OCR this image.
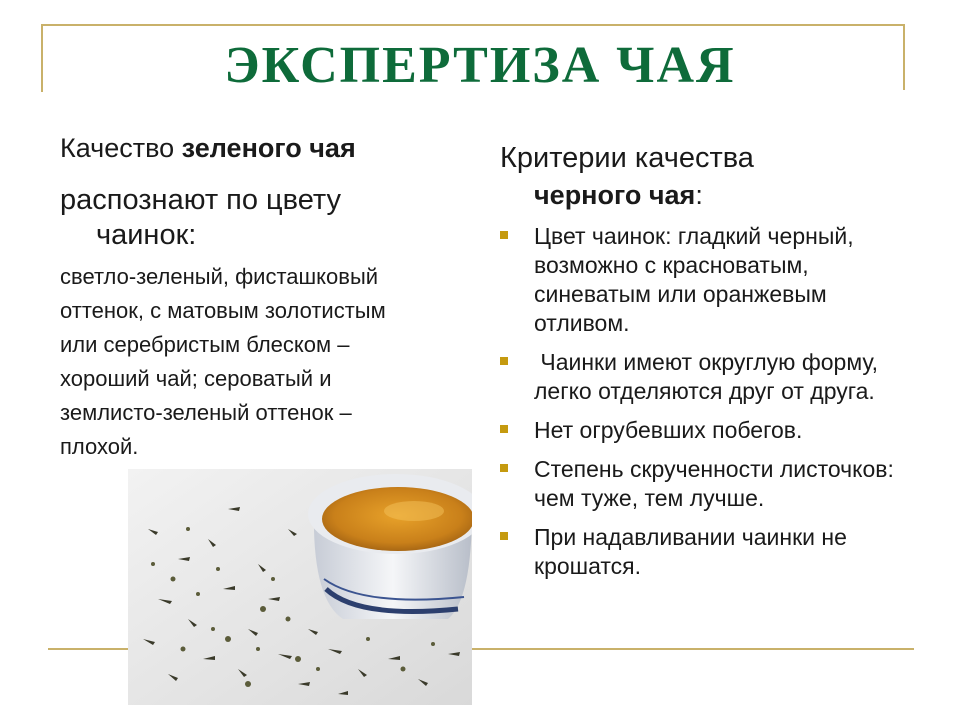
ЭКСПЕРТИЗА ЧАЯ

Качество зеленого чая

распознают по цвету

чаинок:

светло-зеленый, фисташковый
оттенок, с матовым золотистым
или серебристым блеском –
хороший чай; сероватый и
землисто-зеленый оттенок –
плохой.

Критерии качества

черного чая:

Цвет чаинок: гладкий черный, возможно с красноватым, синеватым или оранжевым отливом.
Чаинки имеют округлую форму, легко отделяются друг от друга.
Нет огрубевших побегов.
Степень скрученности листочков: чем туже, тем лучше.
При надавливании чаинки не крошатся.
